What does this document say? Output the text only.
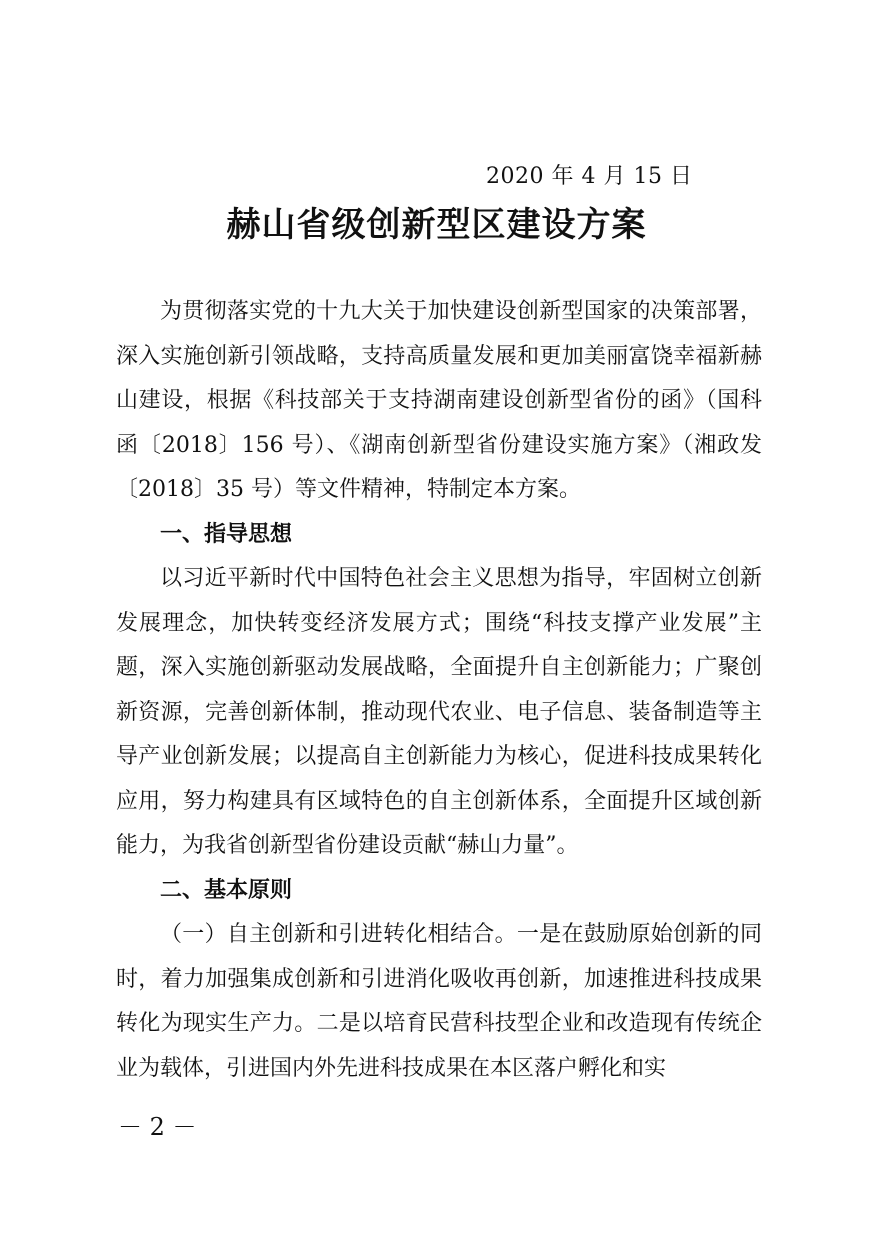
2020 年 4 月 15 日
赫山省级创新型区建设方案

为贯彻落实党的十九大关于加快建设创新型国家的决策部署，深入实施创新引领战略，支持高质量发展和更加美丽富饶幸福新赫山建设，根据《科技部关于支持湖南建设创新型省份的函》（国科函〔2018〕156 号）、《湖南创新型省份建设实施方案》（湘政发〔2018〕35 号）等文件精神，特制定本方案。

一、指导思想

以习近平新时代中国特色社会主义思想为指导，牢固树立创新发展理念，加快转变经济发展方式；围绕“科技支撑产业发展”主题，深入实施创新驱动发展战略，全面提升自主创新能力；广聚创新资源，完善创新体制，推动现代农业、电子信息、装备制造等主导产业创新发展；以提高自主创新能力为核心，促进科技成果转化应用，努力构建具有区域特色的自主创新体系，全面提升区域创新能力，为我省创新型省份建设贡献“赫山力量”。

二、基本原则

（一）自主创新和引进转化相结合。一是在鼓励原始创新的同时，着力加强集成创新和引进消化吸收再创新，加速推进科技成果转化为现实生产力。二是以培育民营科技型企业和改造现有传统企业为载体，引进国内外先进科技成果在本区落户孵化和实

－ 2 －
